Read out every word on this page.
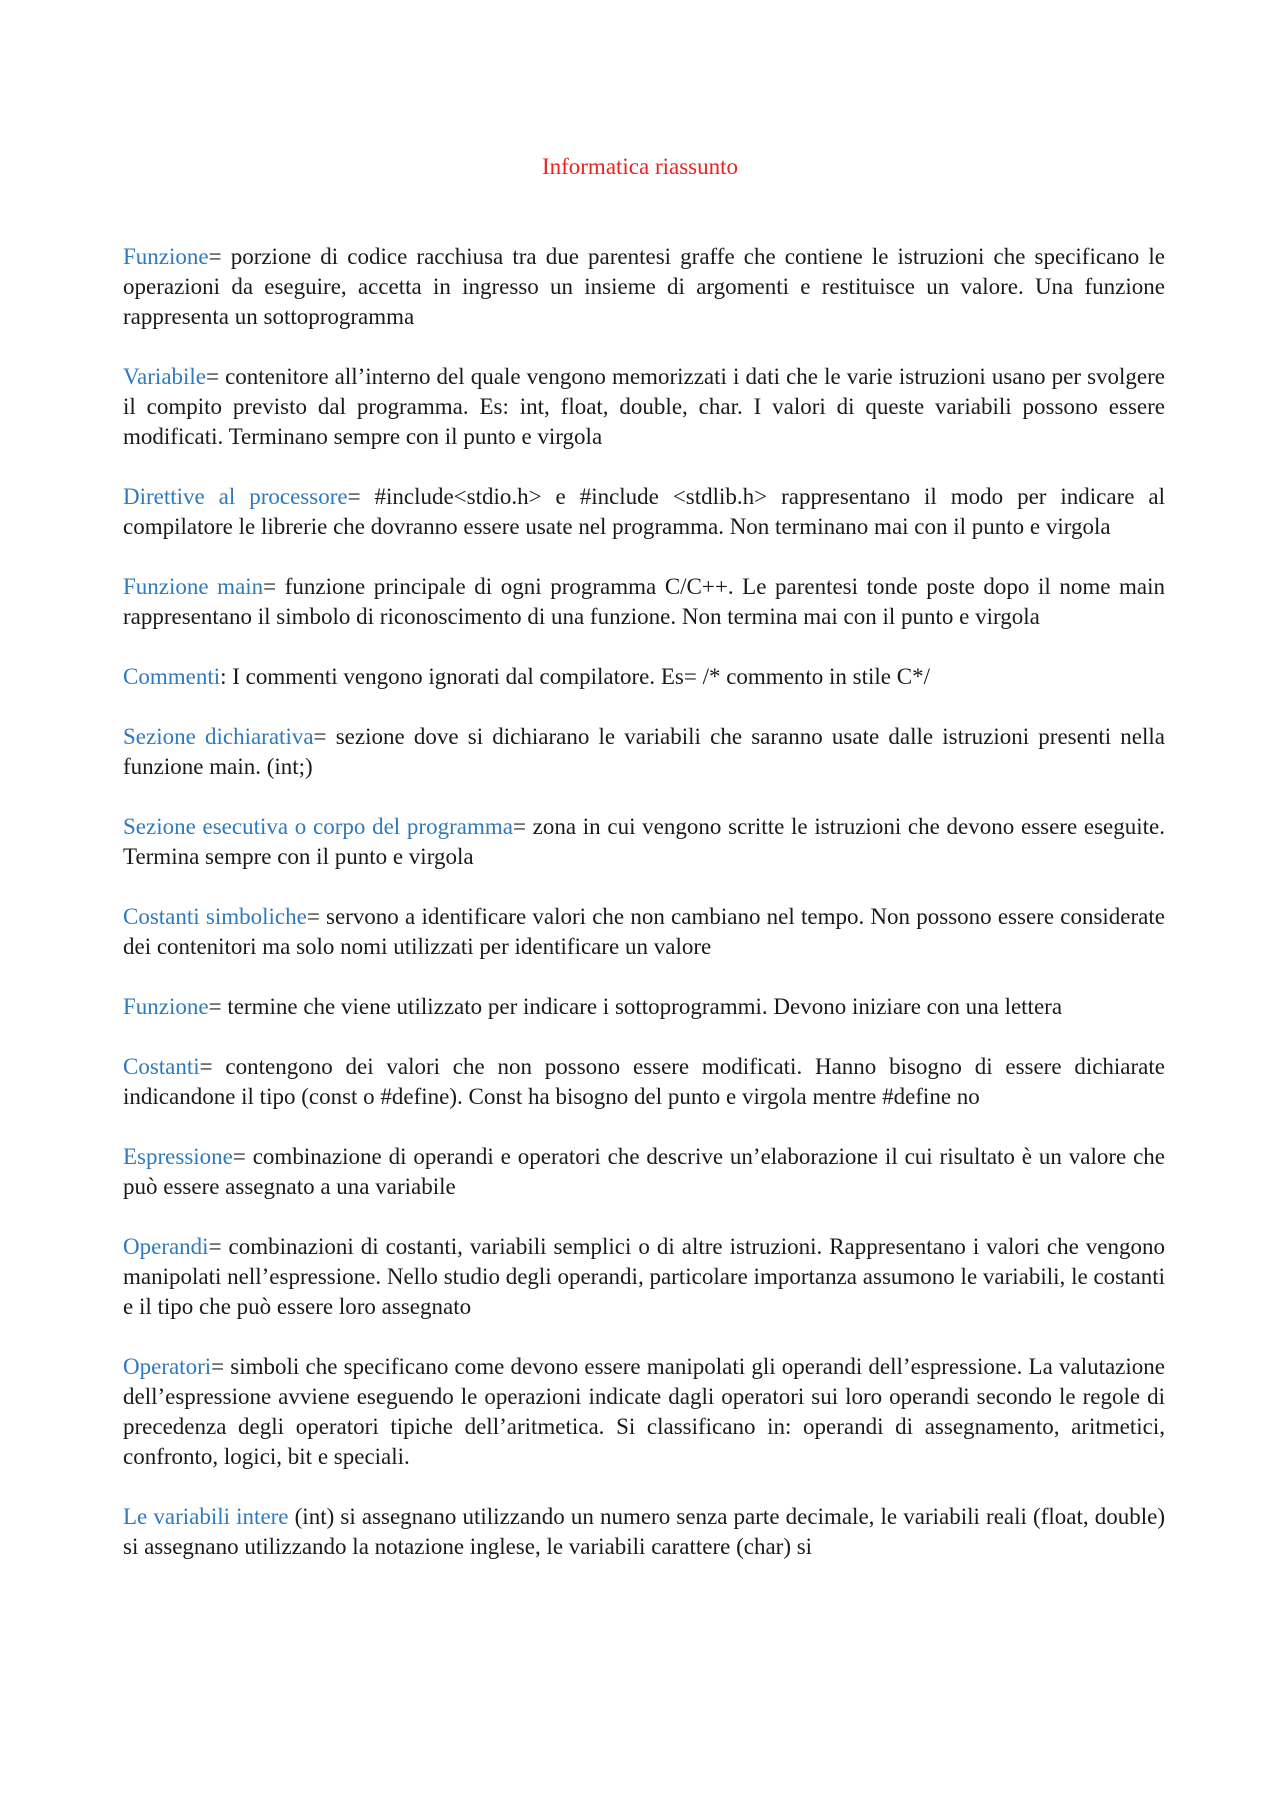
Informatica riassunto

Funzione= porzione di codice racchiusa tra due parentesi graffe che contiene le istruzioni che specificano le operazioni da eseguire, accetta in ingresso un insieme di argomenti e restituisce un valore. Una funzione rappresenta un sottoprogramma

Variabile= contenitore all’interno del quale vengono memorizzati i dati che le varie istruzioni usano per svolgere il compito previsto dal programma. Es: int, float, double, char. I valori di queste variabili possono essere modificati. Terminano sempre con il punto e virgola

Direttive al processore= #include<stdio.h> e #include <stdlib.h> rappresentano il modo per indicare al compilatore le librerie che dovranno essere usate nel programma. Non terminano mai con il punto e virgola

Funzione main= funzione principale di ogni programma C/C++. Le parentesi tonde poste dopo il nome main rappresentano il simbolo di riconoscimento di una funzione. Non termina mai con il punto e virgola

Commenti: I commenti vengono ignorati dal compilatore. Es= /* commento in stile C*/

Sezione dichiarativa= sezione dove si dichiarano le variabili che saranno usate dalle istruzioni presenti nella funzione main. (int;)

Sezione esecutiva o corpo del programma= zona in cui vengono scritte le istruzioni che devono essere eseguite. Termina sempre con il punto e virgola

Costanti simboliche= servono a identificare valori che non cambiano nel tempo. Non possono essere considerate dei contenitori ma solo nomi utilizzati per identificare un valore

Funzione= termine che viene utilizzato per indicare i sottoprogrammi. Devono iniziare con una lettera

Costanti= contengono dei valori che non possono essere modificati. Hanno bisogno di essere dichiarate indicandone il tipo (const o #define). Const ha bisogno del punto e virgola mentre #define no

Espressione= combinazione di operandi e operatori che descrive un’elaborazione il cui risultato è un valore che può essere assegnato a una variabile

Operandi= combinazioni di costanti, variabili semplici o di altre istruzioni. Rappresentano i valori che vengono manipolati nell’espressione. Nello studio degli operandi, particolare importanza assumono le variabili, le costanti e il tipo che può essere loro assegnato

Operatori= simboli che specificano come devono essere manipolati gli operandi dell’espressione. La valutazione dell’espressione avviene eseguendo le operazioni indicate dagli operatori sui loro operandi secondo le regole di precedenza degli operatori tipiche dell’aritmetica. Si classificano in: operandi di assegnamento, aritmetici, confronto, logici, bit e speciali.

Le variabili intere (int) si assegnano utilizzando un numero senza parte decimale, le variabili reali (float, double) si assegnano utilizzando la notazione inglese, le variabili carattere (char) si
